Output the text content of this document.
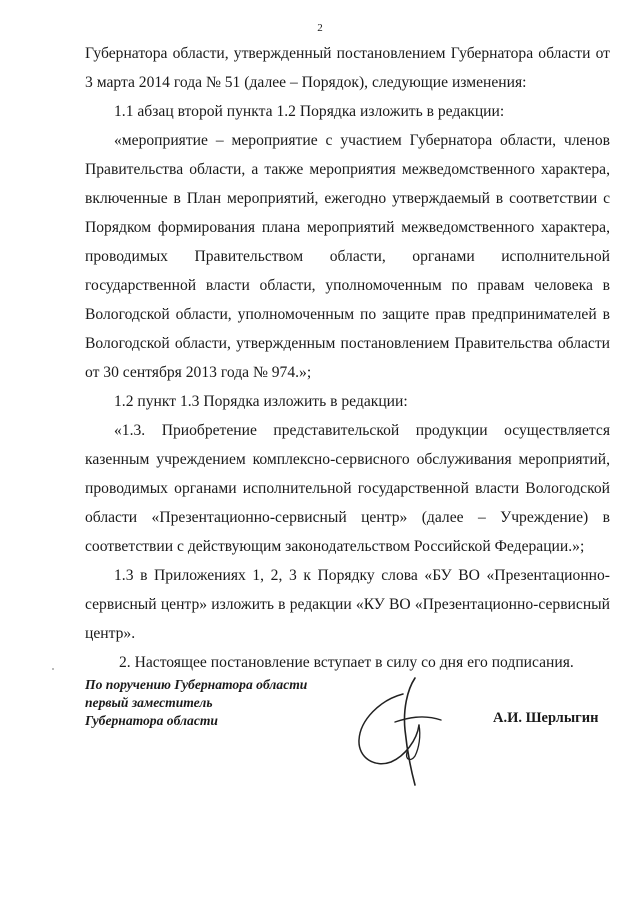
2

Губернатора области, утвержденный постановлением Губернатора области от 3 марта 2014 года № 51 (далее – Порядок), следующие изменения:

1.1 абзац второй пункта 1.2 Порядка изложить в редакции:

«мероприятие – мероприятие с участием Губернатора области, членов Правительства области, а также мероприятия межведомственного характера, включенные в План мероприятий, ежегодно утверждаемый в соответствии с Порядком формирования плана мероприятий межведомственного характера, проводимых Правительством области, органами исполнительной государственной власти области, уполномоченным по правам человека в Вологодской области, уполномоченным по защите прав предпринимателей в Вологодской области, утвержденным постановлением Правительства области от 30 сентября 2013 года № 974.»;

1.2 пункт 1.3 Порядка изложить в редакции:

«1.3. Приобретение представительской продукции осуществляется казенным учреждением комплексно-сервисного обслуживания мероприятий, проводимых органами исполнительной государственной власти Вологодской области «Презентационно-сервисный центр» (далее – Учреждение) в соответствии с действующим законодательством Российской Федерации.»;

1.3 в Приложениях 1, 2, 3 к Порядку слова «БУ ВО «Презентационно-сервисный центр» изложить в редакции «КУ ВО «Презентационно-сервисный центр».

2. Настоящее постановление вступает в силу со дня его подписания.

По поручению Губернатора области
первый заместитель
Губернатора области	А.И. Шерлыгин
